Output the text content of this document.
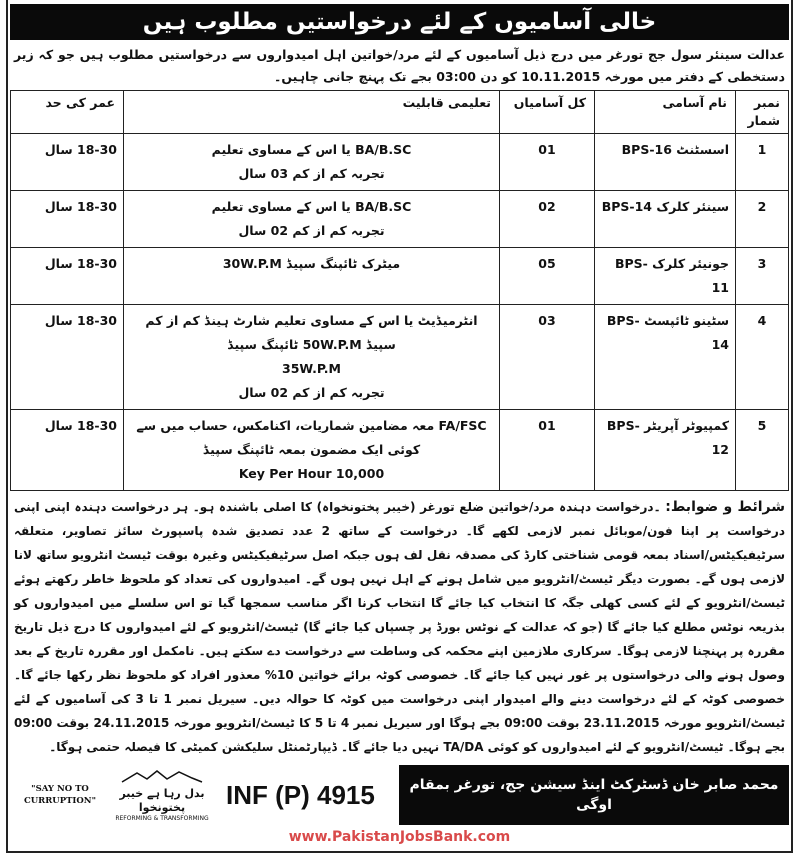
خالی آسامیوں کے لئے درخواستیں مطلوب ہیں
عدالت سینئر سول جج تورغر میں درج ذیل آسامیوں کے لئے مرد/خواتین اہل امیدواروں سے درخواستیں مطلوب ہیں جو کہ زیر دستخطی کے دفتر میں مورخہ 10.11.2015 کو دن 03:00 بجے تک پہنچ جانی چاہیں۔
نمبر شمار	نام آسامی	کل آسامیاں	تعلیمی قابلیت	عمر کی حد
1	اسسٹنٹ BPS-16	01	BA/B.SC یا اس کے مساوی تعلیم
تجربہ کم از کم 03 سال	18-30 سال
2	سینئر کلرک BPS-14	02	BA/B.SC یا اس کے مساوی تعلیم
تجربہ کم از کم 02 سال	18-30 سال
3	جونیئر کلرک BPS-11	05	میٹرک ٹائپنگ سپیڈ 30W.P.M	18-30 سال
4	سٹینو ٹائپسٹ BPS-14	03	انٹرمیڈیٹ یا اس کے مساوی تعلیم شارٹ ہینڈ کم از کم سپیڈ 50W.P.M ٹائپنگ سپیڈ
35W.P.M
تجربہ کم از کم 02 سال	18-30 سال
5	کمپیوٹر آپریٹر BPS-12	01	FA/FSC معہ مضامین شماریات، اکنامکس، حساب میں سے کوئی ایک مضمون بمعہ ٹائپنگ سپیڈ
10,000 Key Per Hour	18-30 سال
شرائط و ضوابط: ۔درخواست دہندہ مرد/خواتین ضلع تورغر (خیبر پختونخواہ) کا اصلی باشندہ ہو۔ ہر درخواست دہندہ اپنی اپنی درخواست پر اپنا فون/موبائل نمبر لازمی لکھے گا۔ درخواست کے ساتھ 2 عدد تصدیق شدہ پاسپورٹ سائز تصاویر، متعلقہ سرٹیفیکیٹس/اسناد بمعہ قومی شناختی کارڈ کی مصدقہ نقل لف ہوں جبکہ اصل سرٹیفیکیٹس وغیرہ بوقت ٹیسٹ انٹرویو ساتھ لانا لازمی ہوں گے۔ بصورت دیگر ٹیسٹ/انٹرویو میں شامل ہونے کے اہل نہیں ہوں گے۔ امیدواروں کی تعداد کو ملحوظ خاطر رکھتے ہوئے ٹیسٹ/انٹرویو کے لئے کسی کھلی جگہ کا انتخاب کیا جائے گا انتخاب کرنا اگر مناسب سمجھا گیا تو اس سلسلے میں امیدواروں کو بذریعہ نوٹس مطلع کیا جائے گا (جو کہ عدالت کے نوٹس بورڈ پر چسپاں کیا جائے گا) ٹیسٹ/انٹرویو کے لئے امیدواروں کا درج ذیل تاریخ مقررہ پر پہنچنا لازمی ہوگا۔ سرکاری ملازمین اپنے محکمہ کی وساطت سے درخواست دے سکتے ہیں۔ نامکمل اور مقررہ تاریخ کے بعد وصول ہونے والی درخواستوں پر غور نہیں کیا جائے گا۔ خصوصی کوٹہ برائے خواتین 10% معذور افراد کو ملحوظ نظر رکھا جائے گا۔ خصوصی کوٹہ کے لئے درخواست دینے والے امیدوار اپنی درخواست میں کوٹہ کا حوالہ دیں۔ سیریل نمبر 1 تا 3 کی آسامیوں کے لئے ٹیسٹ/انٹرویو مورخہ 23.11.2015 بوقت 09:00 بجے ہوگا اور سیریل نمبر 4 تا 5 کا ٹیسٹ/انٹرویو مورخہ 24.11.2015 بوقت 09:00 بجے ہوگا۔ ٹیسٹ/انٹرویو کے لئے امیدواروں کو کوئی TA/DA نہیں دیا جائے گا۔ ڈیپارٹمنٹل سلیکشن کمیٹی کا فیصلہ حتمی ہوگا۔
"SAY NO TO CURRUPTION"
بدل رہا ہے خیبر پختونخوا
REFORMING & TRANSFORMING
INF (P) 4915	محمد صابر خان ڈسٹرکٹ اینڈ سیشن جج، تورغر بمقام اوگی
www.PakistanJobsBank.com
